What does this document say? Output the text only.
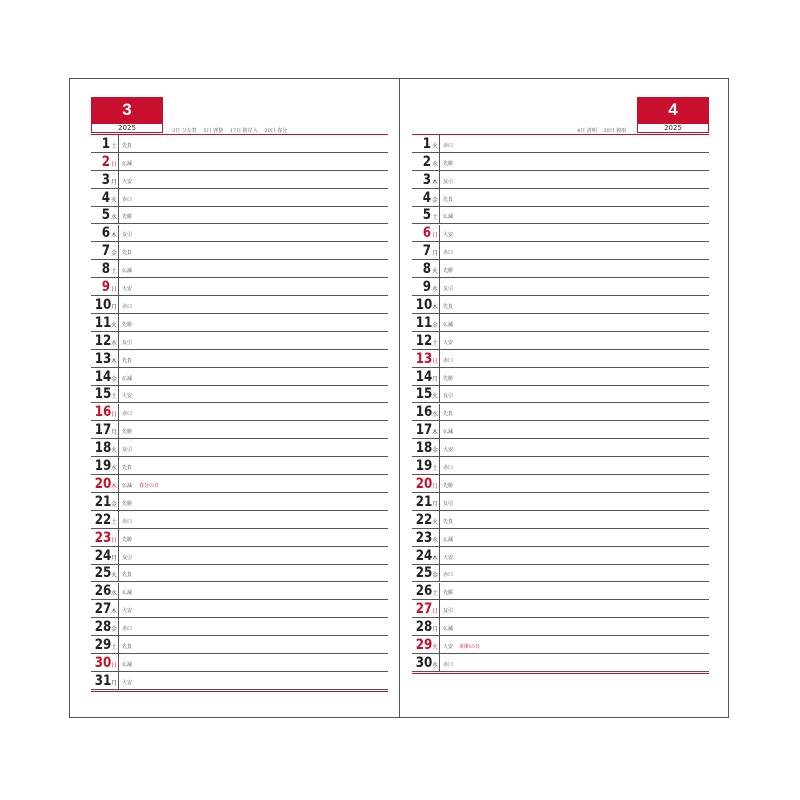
3
2025	3日 ひな祭　 5日 啓蟄　 17日 彼岸入　 20日 春分
1 土 先負
2 日 仏滅
3 月 大安
4 火 赤口
5 水 先勝
6 木 友引
7 金 先負
8 土 仏滅
9 日 大安
10 月 赤口
11 火 先勝
12 水 友引
13 木 先負
14 金 仏滅
15 土 大安
16 日 赤口
17 月 先勝
18 火 友引
19 水 先負
20 木 仏滅 春分の日
21 金 先勝
22 土 赤口
23 日 先勝
24 月 友引
25 火 先負
26 水 仏滅
27 木 大安
28 金 赤口
29 土 先負
30 日 仏滅
31 月 大安
4
2025
4日 清明　 20日 穀雨
1 火 赤口
2 水 先勝
3 木 友引
4 金 先負
5 土 仏滅
6 日 大安
7 月 赤口
8 火 先勝
9 水 友引
10 木 先負
11 金 仏滅
12 土 大安
13 日 赤口
14 月 先勝
15 火 友引
16 水 先負
17 木 仏滅
18 金 大安
19 土 赤口
20 日 先勝
21 月 友引
22 火 先負
23 水 仏滅
24 木 大安
25 金 赤口
26 土 先勝
27 日 友引
28 月 仏滅
29 火 大安 昭和の日
30 水 赤口
